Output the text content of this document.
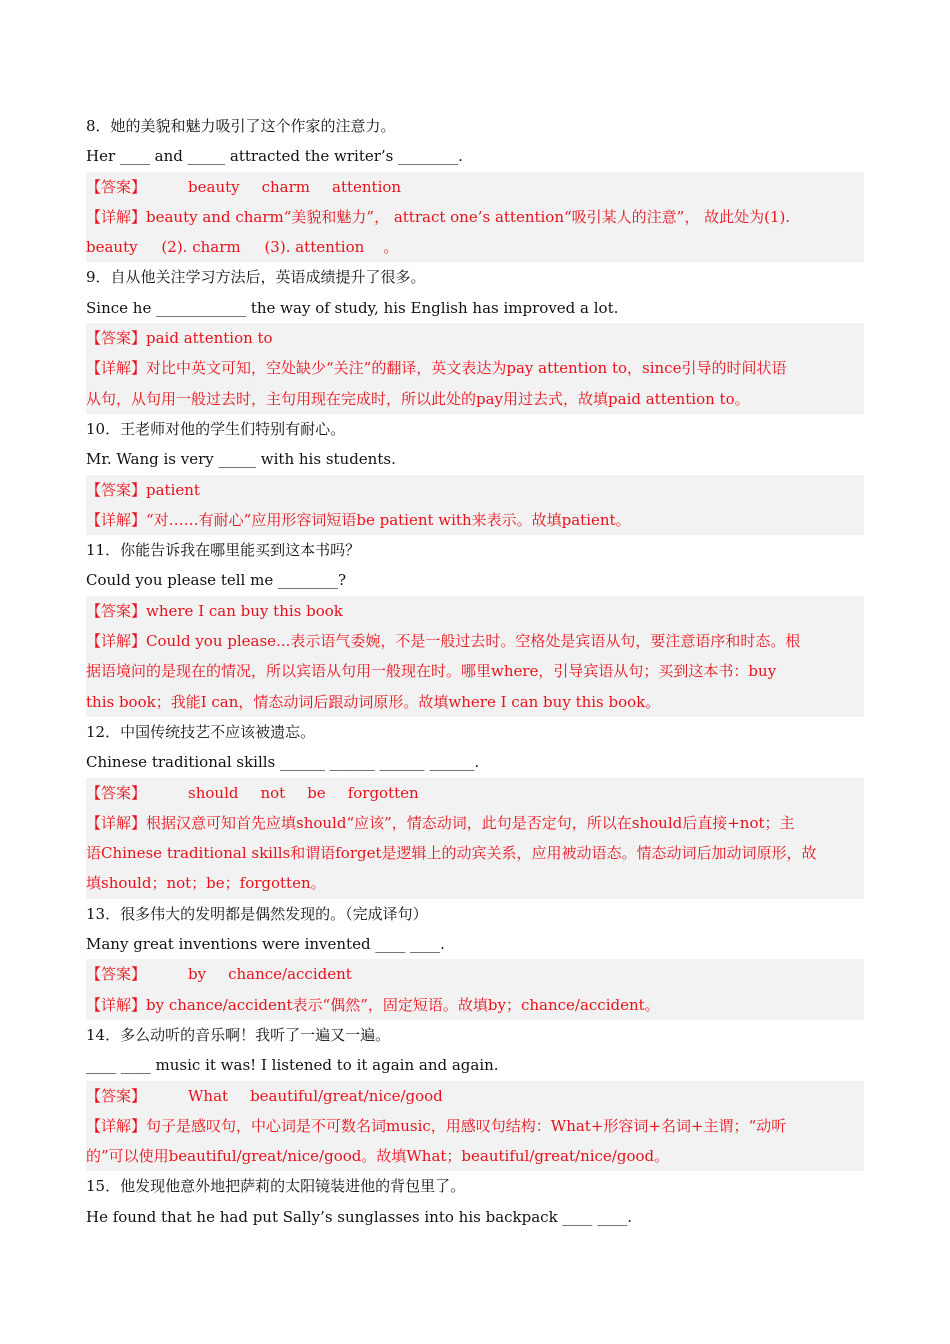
8．她的美貌和魅力吸引了这个作家的注意力。
Her ____ and _____ attracted the writer’s ________.
【答案】	beauty charm attention
【详解】beauty and charm“美貌和魅力”， attract one’s attention“吸引某人的注意”， 故此处为(1).
beauty     (2). charm     (3). attention    。
9．自从他关注学习方法后，英语成绩提升了很多。
Since he ____________ the way of study, his English has improved a lot.
【答案】paid attention to
【详解】对比中英文可知，空处缺少“关注”的翻译，英文表达为pay attention to，since引导的时间状语
从句，从句用一般过去时，主句用现在完成时，所以此处的pay用过去式，故填paid attention to。
10．王老师对他的学生们特别有耐心。
Mr. Wang is very _____ with his students.
【答案】patient
【详解】“对……有耐心”应用形容词短语be patient with来表示。故填patient。
11．你能告诉我在哪里能买到这本书吗？
Could you please tell me ________?
【答案】where I can buy this book
【详解】Could you please...表示语气委婉，不是一般过去时。空格处是宾语从句，要注意语序和时态。根
据语境问的是现在的情况，所以宾语从句用一般现在时。哪里where，引导宾语从句；买到这本书：buy
this book；我能I can，情态动词后跟动词原形。故填where I can buy this book。
12．中国传统技艺不应该被遗忘。
Chinese traditional skills ______ ______ ______ ______.
【答案】	should not be forgotten
【详解】根据汉意可知首先应填should“应该”，情态动词，此句是否定句，所以在should后直接+not；主
语Chinese traditional skills和谓语forget是逻辑上的动宾关系，应用被动语态。情态动词后加动词原形，故
填should；not；be；forgotten。
13．很多伟大的发明都是偶然发现的。（完成译句）
Many great inventions were invented ____ ____.
【答案】	by chance/accident
【详解】by chance/accident表示“偶然”，固定短语。故填by；chance/accident。
14．多么动听的音乐啊！我听了一遍又一遍。
____ ____ music it was! I listened to it again and again.
【答案】	What beautiful/great/nice/good
【详解】句子是感叹句，中心词是不可数名词music，用感叹句结构：What+形容词+名词+主谓；“动听
的”可以使用beautiful/great/nice/good。故填What；beautiful/great/nice/good。
15．他发现他意外地把萨莉的太阳镜装进他的背包里了。
He found that he had put Sally’s sunglasses into his backpack ____ ____.
